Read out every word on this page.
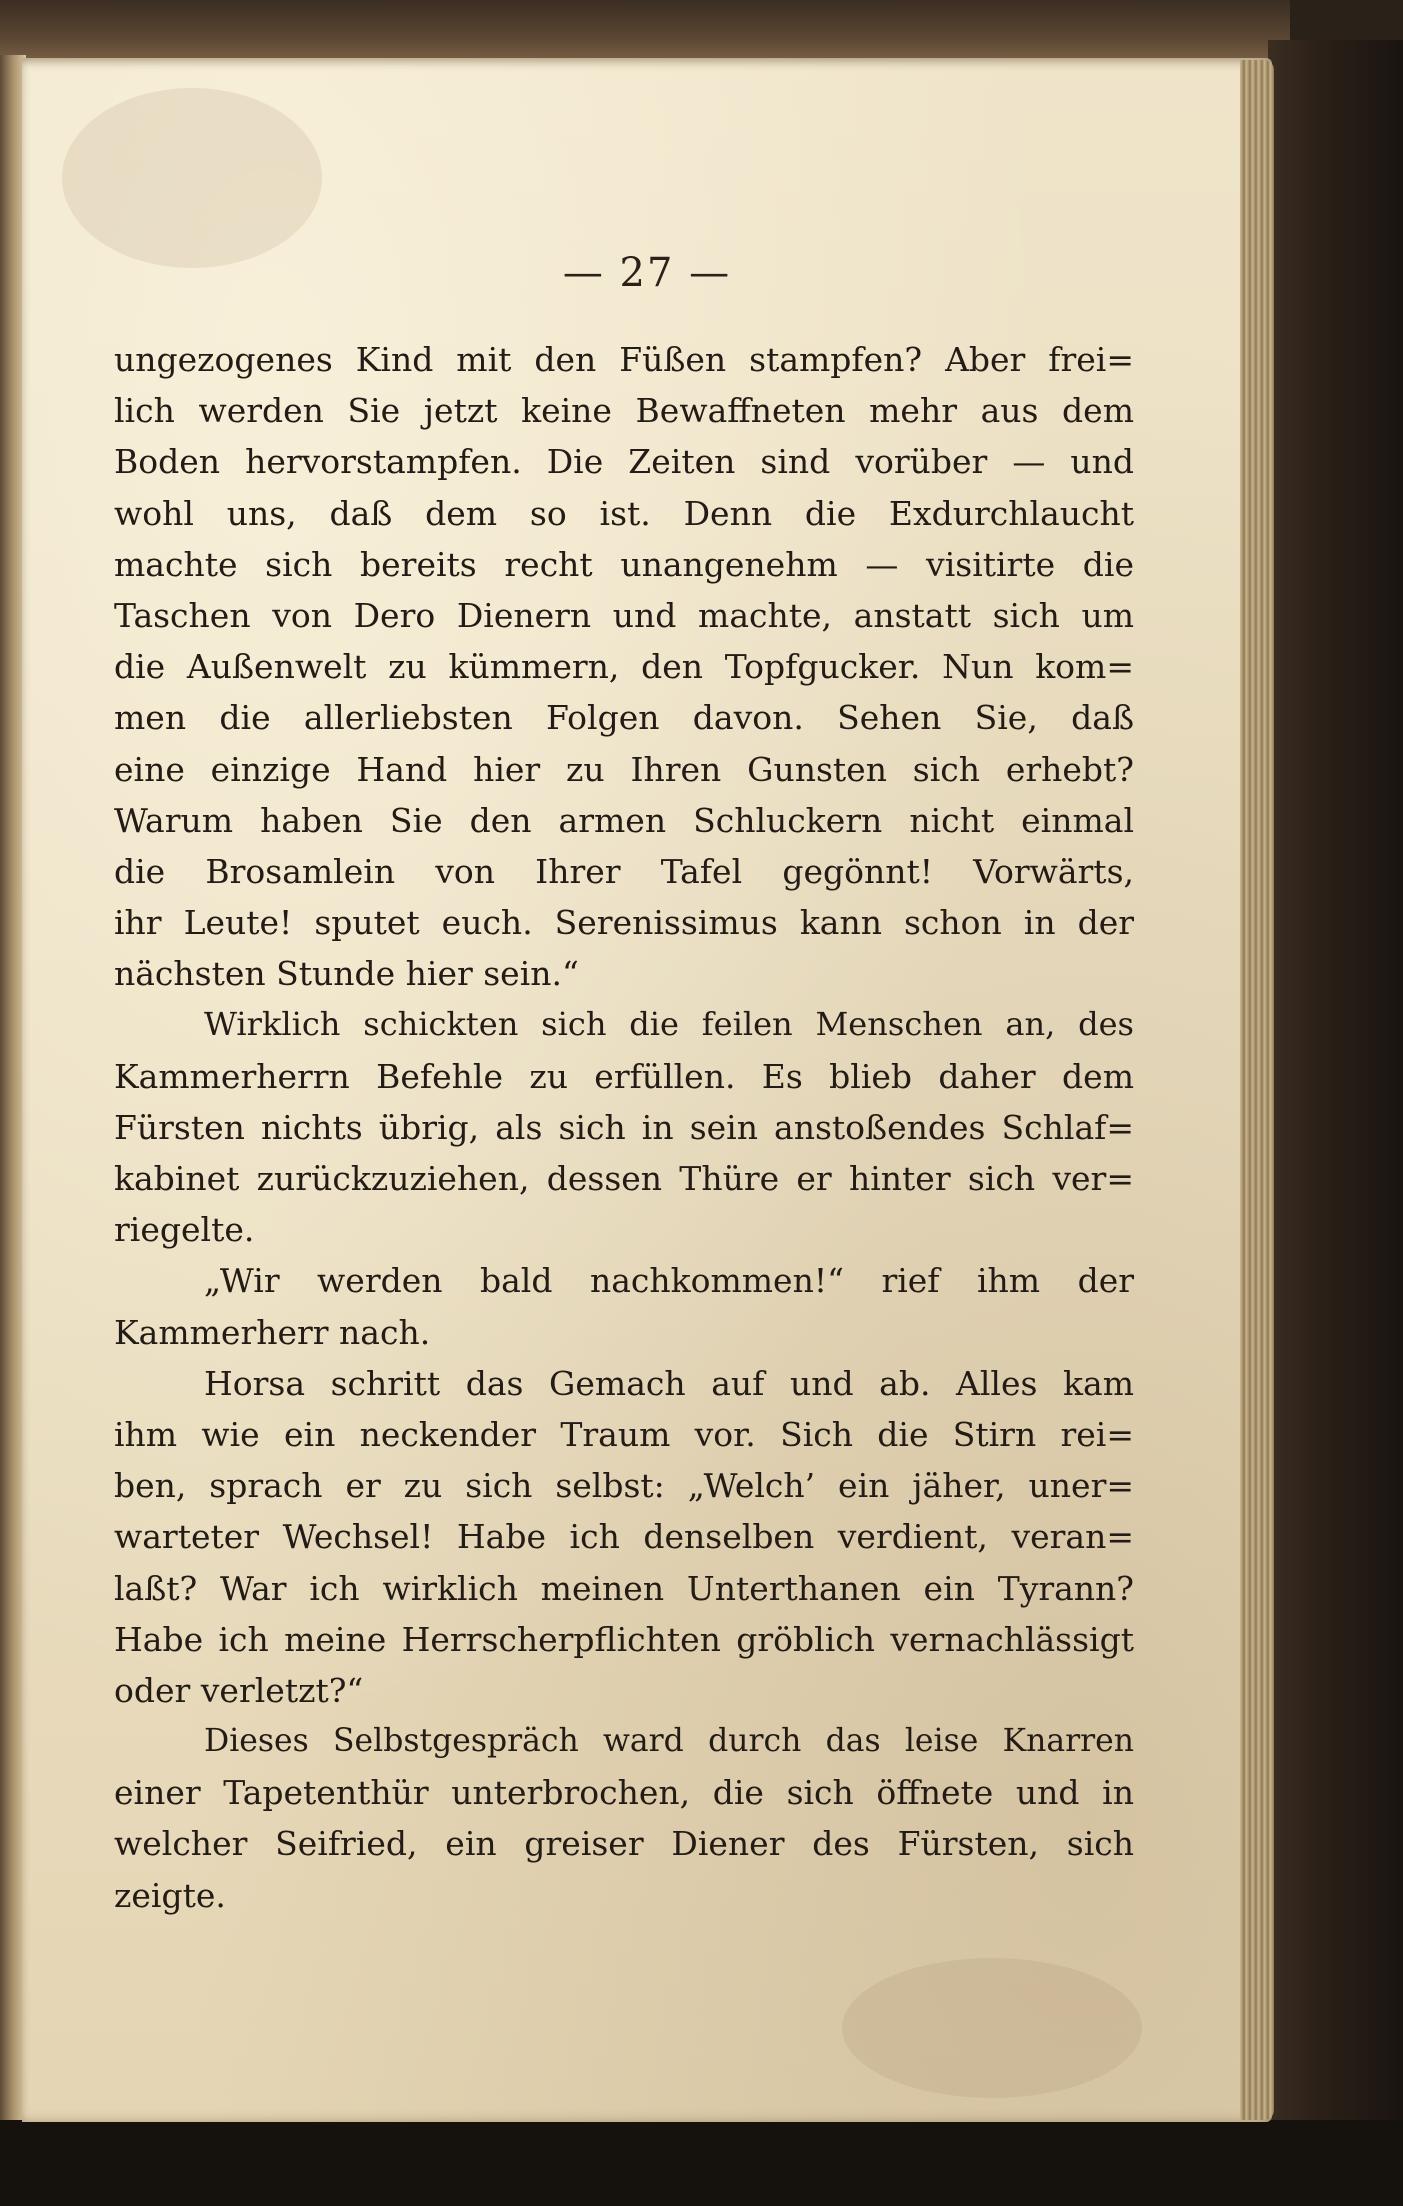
— 27 —
ungezogenes Kind mit den Füßen stampfen? Aber frei=
lich werden Sie jetzt keine Bewaffneten mehr aus dem
Boden hervorstampfen. Die Zeiten sind vorüber — und
wohl uns, daß dem so ist. Denn die Exdurchlaucht
machte sich bereits recht unangenehm — visitirte die
Taschen von Dero Dienern und machte, anstatt sich um
die Außenwelt zu kümmern, den Topfgucker. Nun kom=
men die allerliebsten Folgen davon. Sehen Sie, daß
eine einzige Hand hier zu Ihren Gunsten sich erhebt?
Warum haben Sie den armen Schluckern nicht einmal
die Brosamlein von Ihrer Tafel gegönnt! Vorwärts,
ihr Leute! sputet euch. Serenissimus kann schon in der
nächsten Stunde hier sein.“
Wirklich schickten sich die feilen Menschen an, des
Kammerherrn Befehle zu erfüllen. Es blieb daher dem
Fürsten nichts übrig, als sich in sein anstoßendes Schlaf=
kabinet zurückzuziehen, dessen Thüre er hinter sich ver=
riegelte.
„Wir werden bald nachkommen!“ rief ihm der
Kammerherr nach.
Horsa schritt das Gemach auf und ab. Alles kam
ihm wie ein neckender Traum vor. Sich die Stirn rei=
ben, sprach er zu sich selbst: „Welch’ ein jäher, uner=
warteter Wechsel! Habe ich denselben verdient, veran=
laßt? War ich wirklich meinen Unterthanen ein Tyrann?
Habe ich meine Herrscherpflichten gröblich vernachlässigt
oder verletzt?“
Dieses Selbstgespräch ward durch das leise Knarren
einer Tapetenthür unterbrochen, die sich öffnete und in
welcher Seifried, ein greiser Diener des Fürsten, sich
zeigte.
